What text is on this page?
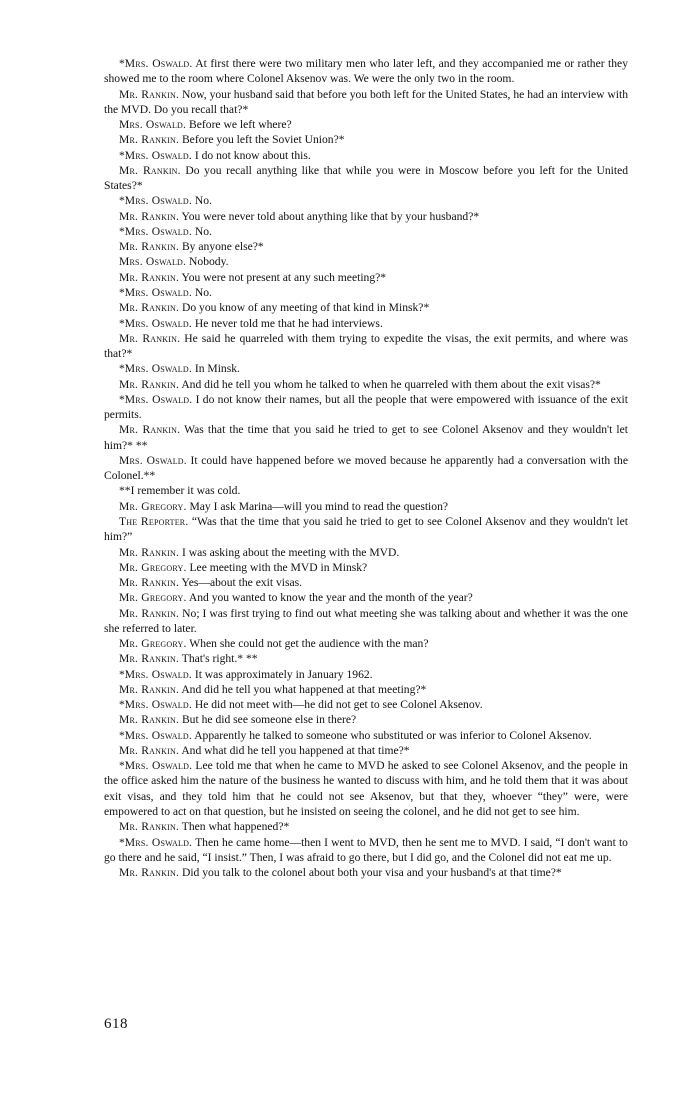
*Mrs. Oswald. At first there were two military men who later left, and they accompanied me or rather they showed me to the room where Colonel Aksenov was. We were the only two in the room.

Mr. Rankin. Now, your husband said that before you both left for the United States, he had an interview with the MVD. Do you recall that?*

Mrs. Oswald. Before we left where?

Mr. Rankin. Before you left the Soviet Union?*

*Mrs. Oswald. I do not know about this.

Mr. Rankin. Do you recall anything like that while you were in Moscow before you left for the United States?*

*Mrs. Oswald. No.

Mr. Rankin. You were never told about anything like that by your husband?*

*Mrs. Oswald. No.

Mr. Rankin. By anyone else?*

Mrs. Oswald. Nobody.

Mr. Rankin. You were not present at any such meeting?*

*Mrs. Oswald. No.

Mr. Rankin. Do you know of any meeting of that kind in Minsk?*

*Mrs. Oswald. He never told me that he had interviews.

Mr. Rankin. He said he quarreled with them trying to expedite the visas, the exit permits, and where was that?*

*Mrs. Oswald. In Minsk.

Mr. Rankin. And did he tell you whom he talked to when he quarreled with them about the exit visas?*

*Mrs. Oswald. I do not know their names, but all the people that were empowered with issuance of the exit permits.

Mr. Rankin. Was that the time that you said he tried to get to see Colonel Aksenov and they wouldn't let him?* **

Mrs. Oswald. It could have happened before we moved because he apparently had a conversation with the Colonel.**

**I remember it was cold.

Mr. Gregory. May I ask Marina—will you mind to read the question?

The Reporter. “Was that the time that you said he tried to get to see Colonel Aksenov and they wouldn't let him?”

Mr. Rankin. I was asking about the meeting with the MVD.

Mr. Gregory. Lee meeting with the MVD in Minsk?

Mr. Rankin. Yes—about the exit visas.

Mr. Gregory. And you wanted to know the year and the month of the year?

Mr. Rankin. No; I was first trying to find out what meeting she was talking about and whether it was the one she referred to later.

Mr. Gregory. When she could not get the audience with the man?

Mr. Rankin. That's right.* **

*Mrs. Oswald. It was approximately in January 1962.

Mr. Rankin. And did he tell you what happened at that meeting?*

*Mrs. Oswald. He did not meet with—he did not get to see Colonel Aksenov.

Mr. Rankin. But he did see someone else in there?

*Mrs. Oswald. Apparently he talked to someone who substituted or was inferior to Colonel Aksenov.

Mr. Rankin. And what did he tell you happened at that time?*

*Mrs. Oswald. Lee told me that when he came to MVD he asked to see Colonel Aksenov, and the people in the office asked him the nature of the business he wanted to discuss with him, and he told them that it was about exit visas, and they told him that he could not see Aksenov, but that they, whoever “they” were, were empowered to act on that question, but he insisted on seeing the colonel, and he did not get to see him.

Mr. Rankin. Then what happened?*

*Mrs. Oswald. Then he came home—then I went to MVD, then he sent me to MVD. I said, “I don't want to go there and he said, “I insist.” Then, I was afraid to go there, but I did go, and the Colonel did not eat me up.

Mr. Rankin. Did you talk to the colonel about both your visa and your husband's at that time?*

618
